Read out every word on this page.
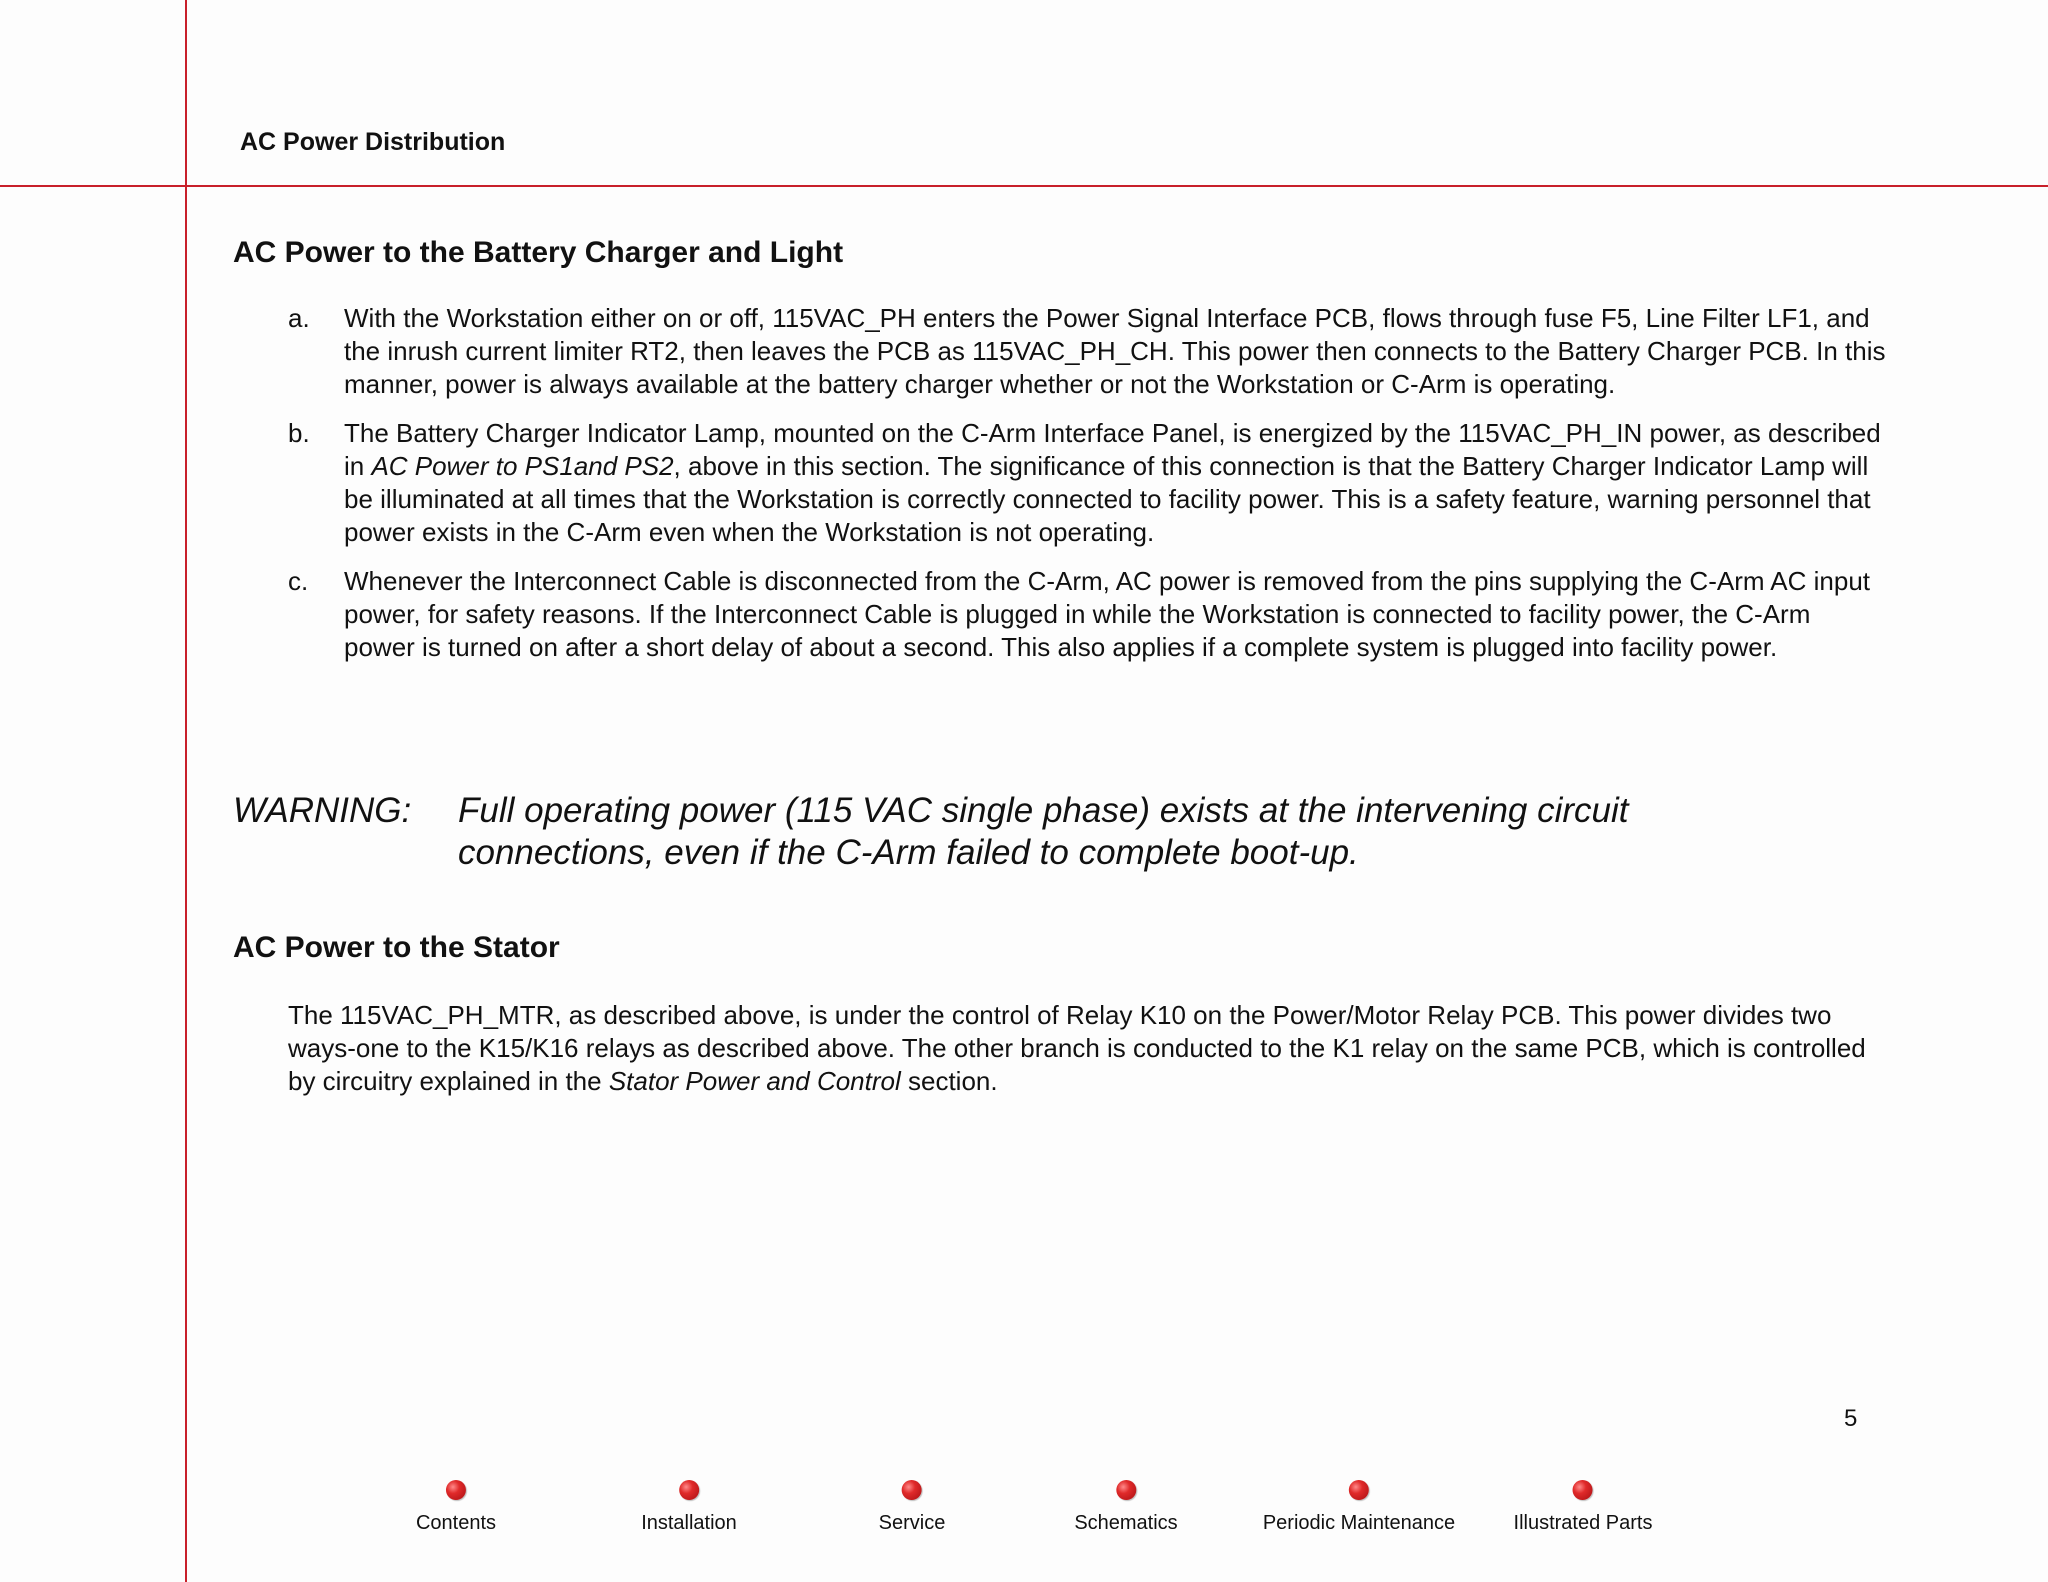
AC Power Distribution
AC Power to the Battery Charger and Light
a. With the Workstation either on or off, 115VAC_PH enters the Power Signal Interface PCB, flows through fuse F5, Line Filter LF1, and the inrush current limiter RT2, then leaves the PCB as 115VAC_PH_CH. This power then connects to the Battery Charger PCB. In this manner, power is always available at the battery charger whether or not the Workstation or C-Arm is operating.
b. The Battery Charger Indicator Lamp, mounted on the C-Arm Interface Panel, is energized by the 115VAC_PH_IN power, as described in AC Power to PS1and PS2, above in this section. The significance of this connection is that the Battery Charger Indicator Lamp will be illuminated at all times that the Workstation is correctly connected to facility power. This is a safety feature, warning personnel that power exists in the C-Arm even when the Workstation is not operating.
c. Whenever the Interconnect Cable is disconnected from the C-Arm, AC power is removed from the pins supplying the C-Arm AC input power, for safety reasons. If the Interconnect Cable is plugged in while the Workstation is connected to facility power, the C-Arm power is turned on after a short delay of about a second. This also applies if a complete system is plugged into facility power.
WARNING: Full operating power (115 VAC single phase) exists at the intervening circuit connections, even if the C-Arm failed to complete boot-up.
AC Power to the Stator

The 115VAC_PH_MTR, as described above, is under the control of Relay K10 on the Power/Motor Relay PCB. This power divides two ways-one to the K15/K16 relays as described above. The other branch is conducted to the K1 relay on the same PCB, which is controlled by circuitry explained in the Stator Power and Control section.

5
Contents	Installation	Service	Schematics	Periodic Maintenance	Illustrated Parts
